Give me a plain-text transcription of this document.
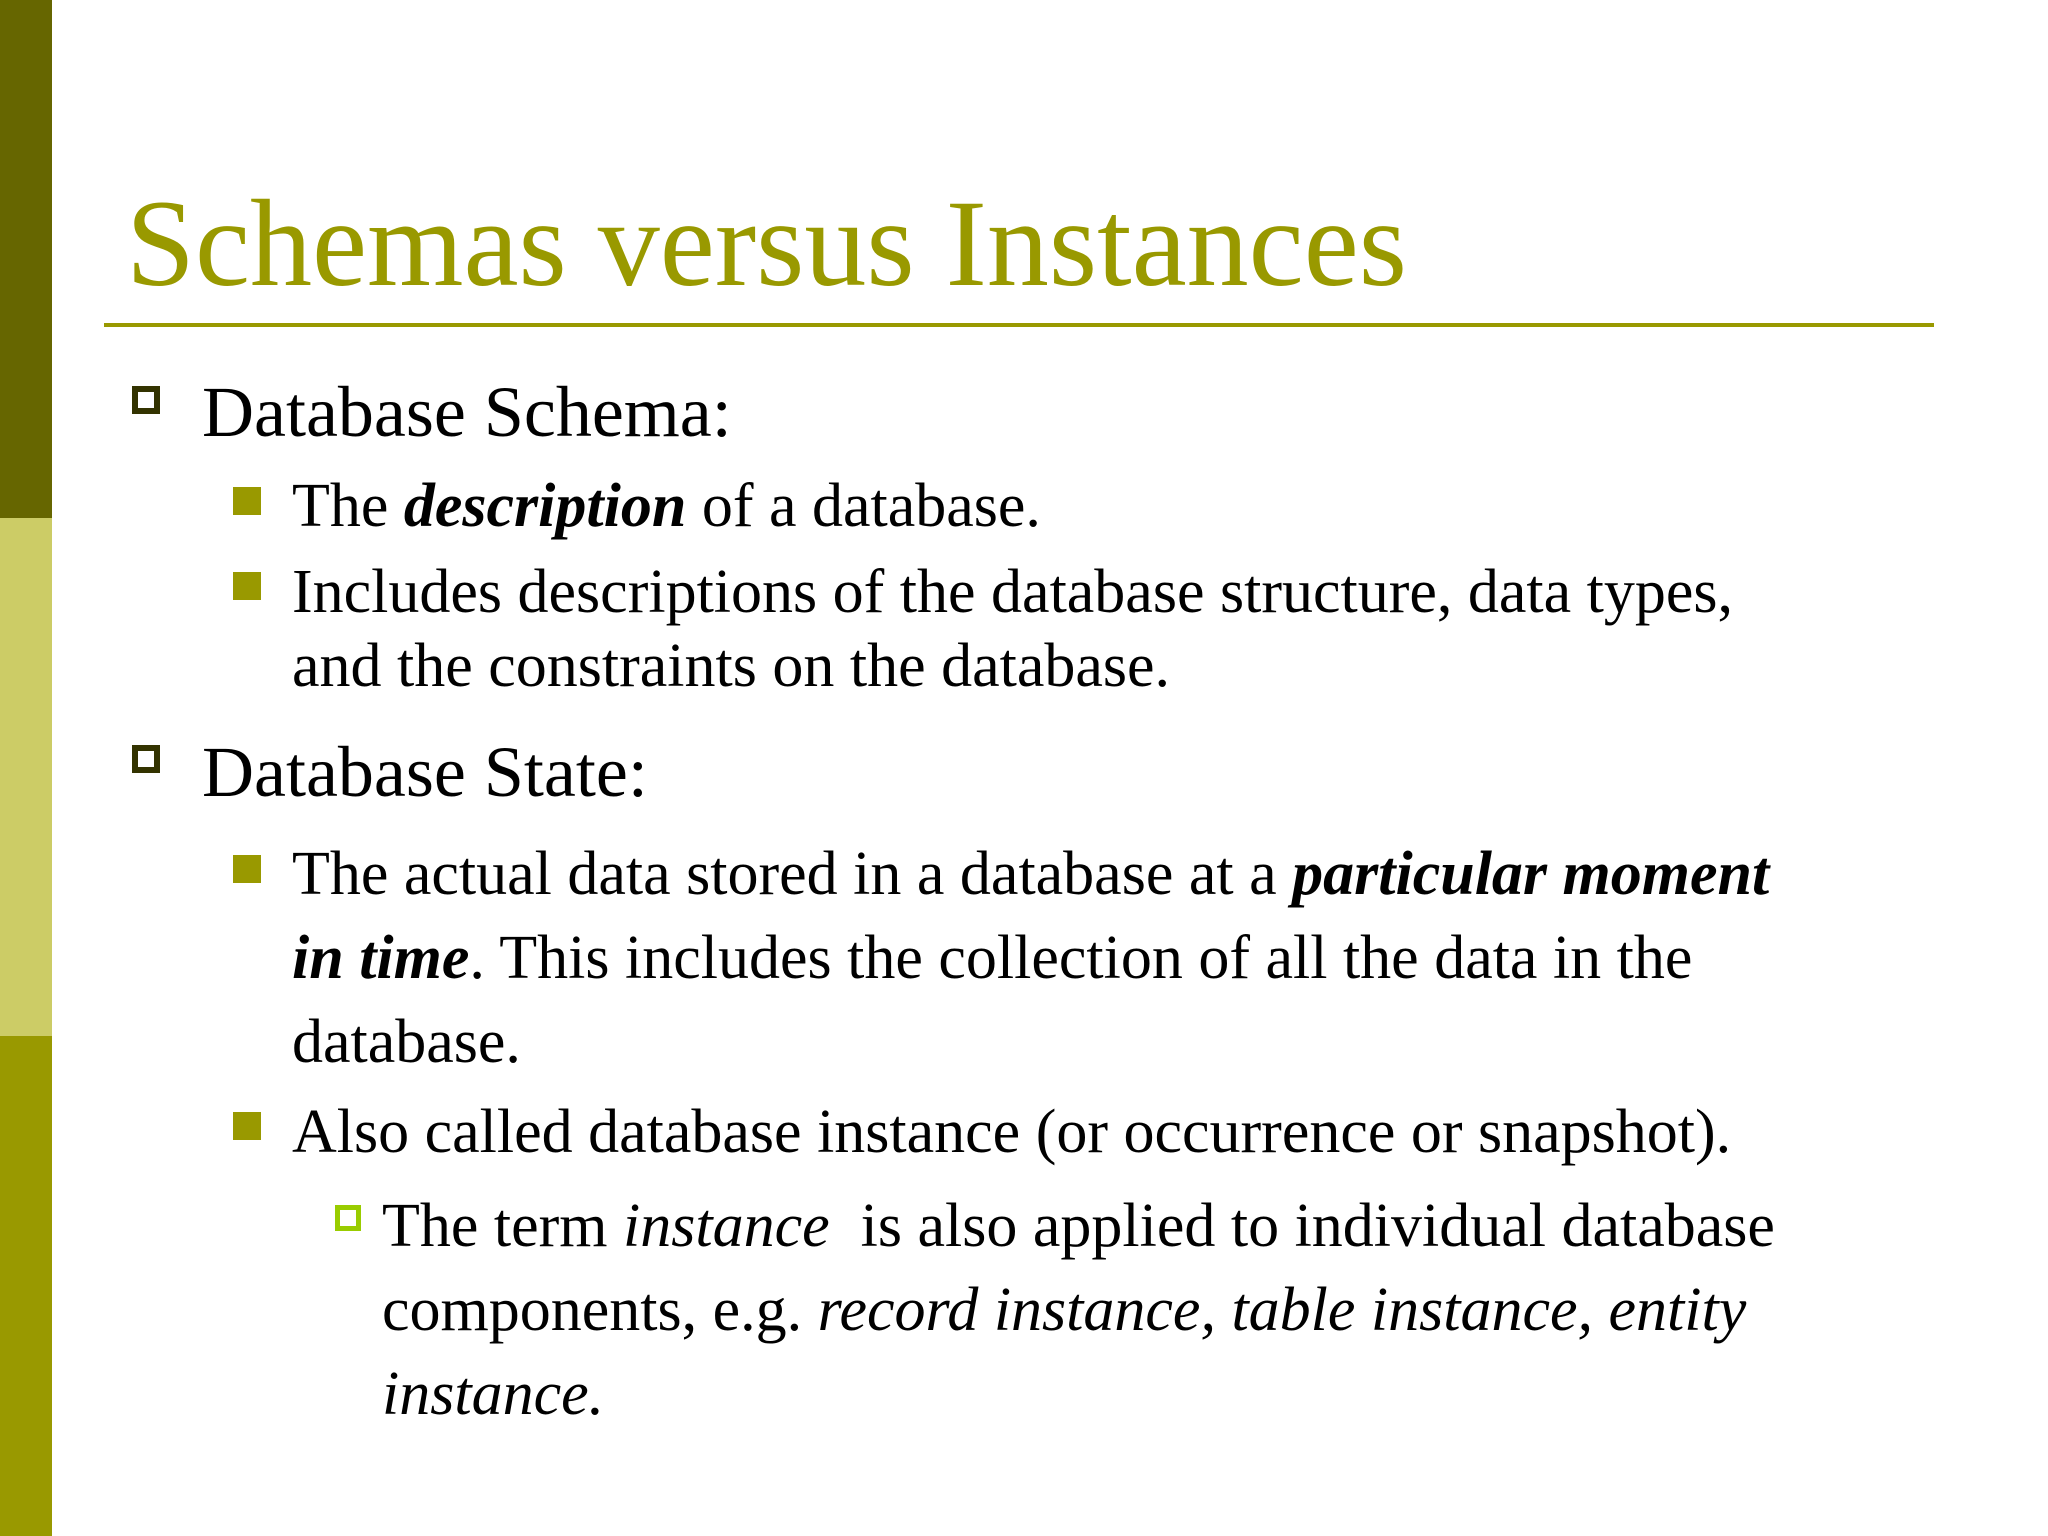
Schemas versus Instances
Database Schema:
The description of a database.
Includes descriptions of the database structure, data types,
and the constraints on the database.
Database State:
The actual data stored in a database at a particular moment
in time. This includes the collection of all the data in the
database.
Also called database instance (or occurrence or snapshot).
The term instance  is also applied to individual database
components, e.g. record instance, table instance, entity
instance.
